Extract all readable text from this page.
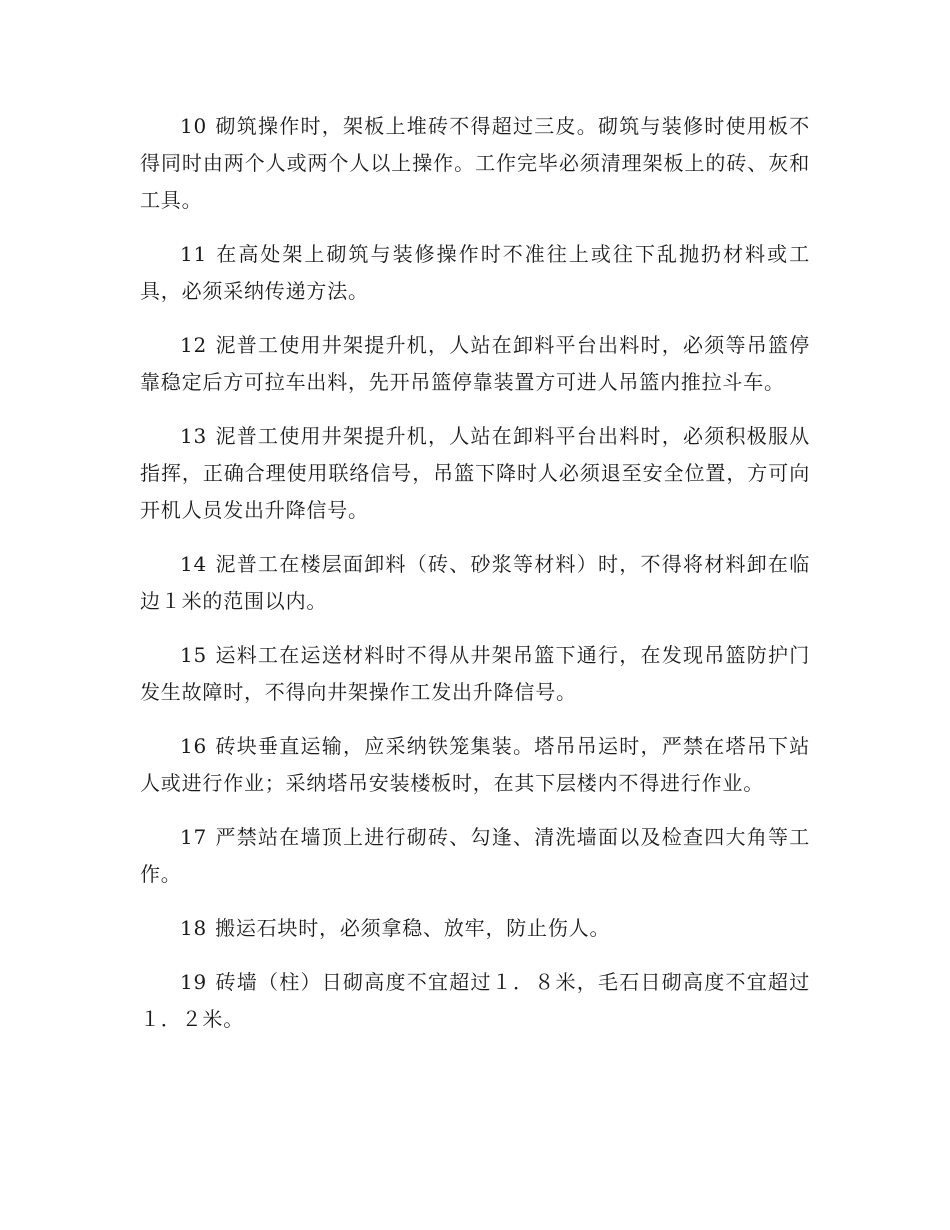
10 砌筑操作时，架板上堆砖不得超过三皮。砌筑与装修时使用板不得同时由两个人或两个人以上操作。工作完毕必须清理架板上的砖、灰和工具。

11 在高处架上砌筑与装修操作时不准往上或往下乱抛扔材料或工具，必须采纳传递方法。

12 泥普工使用井架提升机，人站在卸料平台出料时，必须等吊篮停靠稳定后方可拉车出料，先开吊篮停靠装置方可进人吊篮内推拉斗车。

13 泥普工使用井架提升机，人站在卸料平台出料时，必须积极服从指挥，正确合理使用联络信号，吊篮下降时人必须退至安全位置，方可向开机人员发出升降信号。

14 泥普工在楼层面卸料（砖、砂浆等材料）时，不得将材料卸在临边１米的范围以内。

15 运料工在运送材料时不得从井架吊篮下通行，在发现吊篮防护门发生故障时，不得向井架操作工发出升降信号。

16 砖块垂直运输，应采纳铁笼集装。塔吊吊运时，严禁在塔吊下站人或进行作业；采纳塔吊安装楼板时，在其下层楼内不得进行作业。

17 严禁站在墙顶上进行砌砖、勾逢、清洗墙面以及检查四大角等工作。

18 搬运石块时，必须拿稳、放牢，防止伤人。

19 砖墙（柱）日砌高度不宜超过１．８米，毛石日砌高度不宜超过１．２米。
